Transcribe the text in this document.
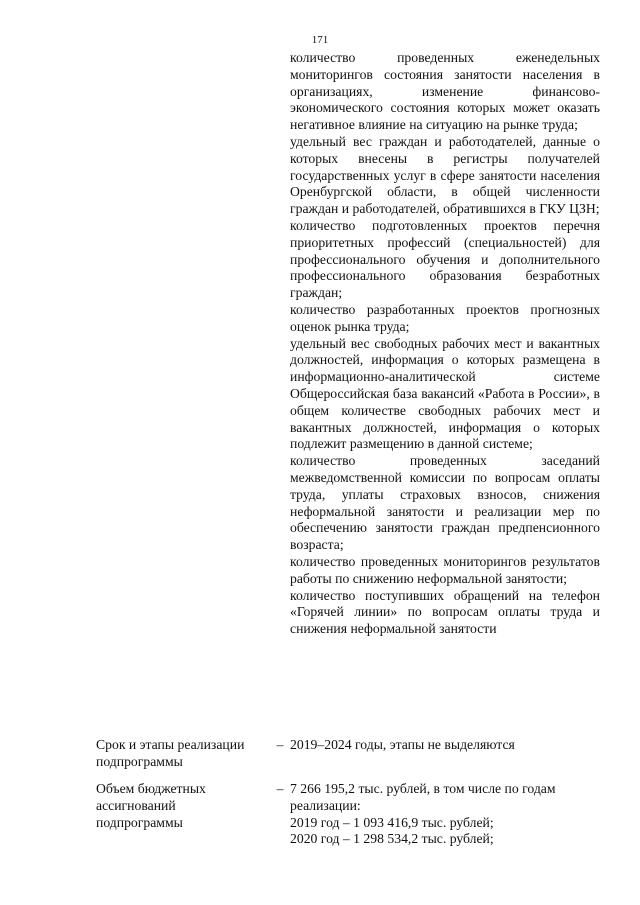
171
количество проведенных еженедельных мониторингов состояния занятости населения в организациях, изменение финансово-экономического состояния которых может оказать негативное влияние на ситуацию на рынке труда;
удельный вес граждан и работодателей, данные о которых внесены в регистры получателей государственных услуг в сфере занятости населения Оренбургской области, в общей численности граждан и работодателей, обратившихся в ГКУ ЦЗН;
количество подготовленных проектов перечня приоритетных профессий (специальностей) для профессионального обучения и дополнительного профессионального образования безработных граждан;
количество разработанных проектов прогнозных оценок рынка труда;
удельный вес свободных рабочих мест и вакантных должностей, информация о которых размещена в информационно-аналитической системе Общероссийская база вакансий «Работа в России», в общем количестве свободных рабочих мест и вакантных должностей, информация о которых подлежит размещению в данной системе;
количество проведенных заседаний межведомственной комиссии по вопросам оплаты труда, уплаты страховых взносов, снижения неформальной занятости и реализации мер по обеспечению занятости граждан предпенсионного возраста;
количество проведенных мониторингов результатов работы по снижению неформальной занятости;
количество поступивших обращений на телефон «Горячей линии» по вопросам оплаты труда и снижения неформальной занятости
Срок и этапы реализации
подпрограммы
– 2019–2024 годы, этапы не выделяются
Объем бюджетных
ассигнований
подпрограммы
– 7 266 195,2 тыс. рублей, в том числе по годам реализации:
2019 год – 1 093 416,9 тыс. рублей;
2020 год – 1 298 534,2 тыс. рублей;
